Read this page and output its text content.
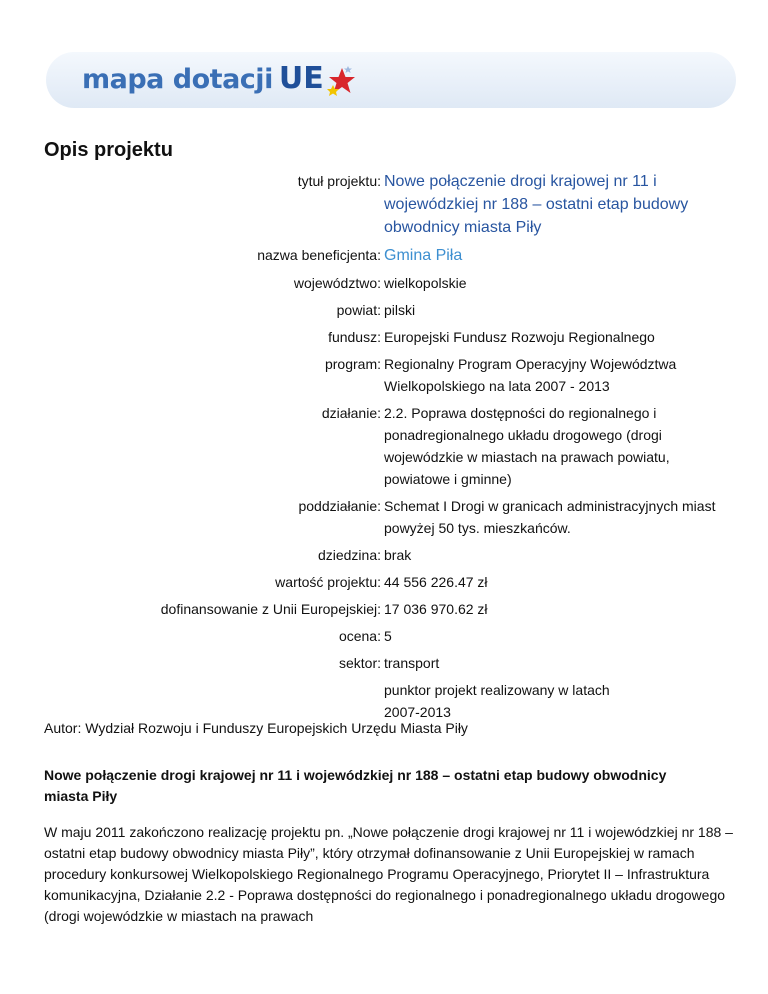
mapa dotacji UE
Opis projektu
tytuł projektu: Nowe połączenie drogi krajowej nr 11 i wojewódzkiej nr 188 – ostatni etap budowy obwodnicy miasta Piły
nazwa beneficjenta: Gmina Piła
województwo: wielkopolskie
powiat: pilski
fundusz: Europejski Fundusz Rozwoju Regionalnego
program: Regionalny Program Operacyjny Województwa Wielkopolskiego na lata 2007 - 2013
działanie: 2.2. Poprawa dostępności do regionalnego i ponadregionalnego układu drogowego (drogi wojewódzkie w miastach na prawach powiatu, powiatowe i gminne)
poddziałanie: Schemat I Drogi w granicach administracyjnych miast powyżej 50 tys. mieszkańców.
dziedzina: brak
wartość projektu: 44 556 226.47 zł
dofinansowanie z Unii Europejskiej: 17 036 970.62 zł
ocena: 5
sektor: transport
punktor projekt realizowany w latach 2007-2013
Autor: Wydział Rozwoju i Funduszy Europejskich Urzędu Miasta Piły
Nowe połączenie drogi krajowej nr 11 i wojewódzkiej nr 188 – ostatni etap budowy obwodnicy miasta Piły
W maju 2011 zakończono realizację projektu pn. „Nowe połączenie drogi krajowej nr 11 i wojewódzkiej nr 188 – ostatni etap budowy obwodnicy miasta Piły”, który otrzymał dofinansowanie z Unii Europejskiej w ramach procedury konkursowej Wielkopolskiego Regionalnego Programu Operacyjnego, Priorytet II – Infrastruktura komunikacyjna, Działanie 2.2 - Poprawa dostępności do regionalnego i ponadregionalnego układu drogowego (drogi wojewódzkie w miastach na prawach
